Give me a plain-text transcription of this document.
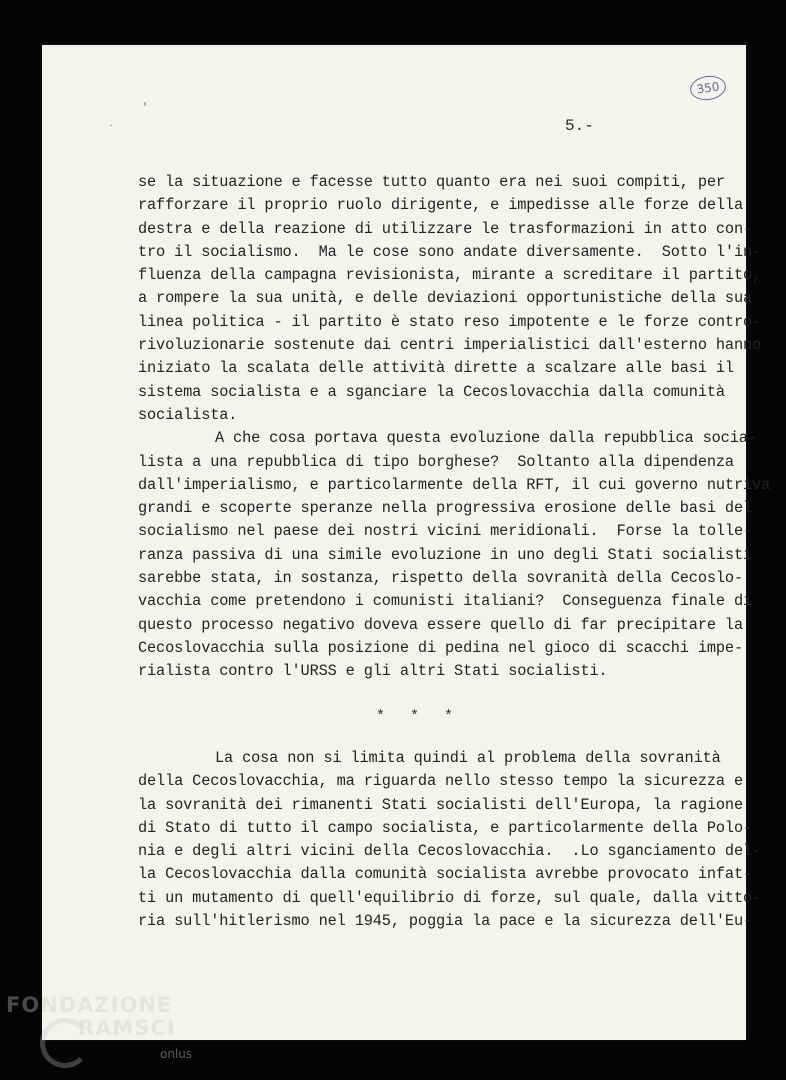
350
5.-
'
`
se la situazione e facesse tutto quanto era nei suoi compiti, per
rafforzare il proprio ruolo dirigente, e impedisse alle forze della
destra e della reazione di utilizzare le trasformazioni in atto con-
tro il socialismo.  Ma le cose sono andate diversamente.  Sotto l'in-
fluenza della campagna revisionista, mirante a screditare il partito,
a rompere la sua unità, e delle deviazioni opportunistiche della sua
linea politica - il partito è stato reso impotente e le forze contro-
rivoluzionarie sostenute dai centri imperialistici dall'esterno hanno
iniziato la scalata delle attività dirette a scalzare alle basi il
sistema socialista e a sganciare la Cecoslovacchia dalla comunità
socialista.
A che cosa portava questa evoluzione dalla repubblica socia-
lista a una repubblica di tipo borghese?  Soltanto alla dipendenza
dall'imperialismo, e particolarmente della RFT, il cui governo nutriva
grandi e scoperte speranze nella progressiva erosione delle basi del
socialismo nel paese dei nostri vicini meridionali.  Forse la tolle-
ranza passiva di una simile evoluzione in uno degli Stati socialisti
sarebbe stata, in sostanza, rispetto della sovranità della Cecoslo-
vacchia come pretendono i comunisti italiani?  Conseguenza finale di
questo processo negativo doveva essere quello di far precipitare la
Cecoslovacchia sulla posizione di pedina nel gioco di scacchi impe-
rialista contro l'URSS e gli altri Stati socialisti.
* * *
La cosa non si limita quindi al problema della sovranità
della Cecoslovacchia, ma riguarda nello stesso tempo la sicurezza e
la sovranità dei rimanenti Stati socialisti dell'Europa, la ragione
di Stato di tutto il campo socialista, e particolarmente della Polo-
nia e degli altri vicini della Cecoslovacchia.  .Lo sganciamento del-
la Cecoslovacchia dalla comunità socialista avrebbe provocato infat-
ti un mutamento di quell'equilibrio di forze, sul quale, dalla vitto-
ria sull'hitlerismo nel 1945, poggia la pace e la sicurezza dell'Eu-
FONDAZIONE
RAMSCI
onlus
